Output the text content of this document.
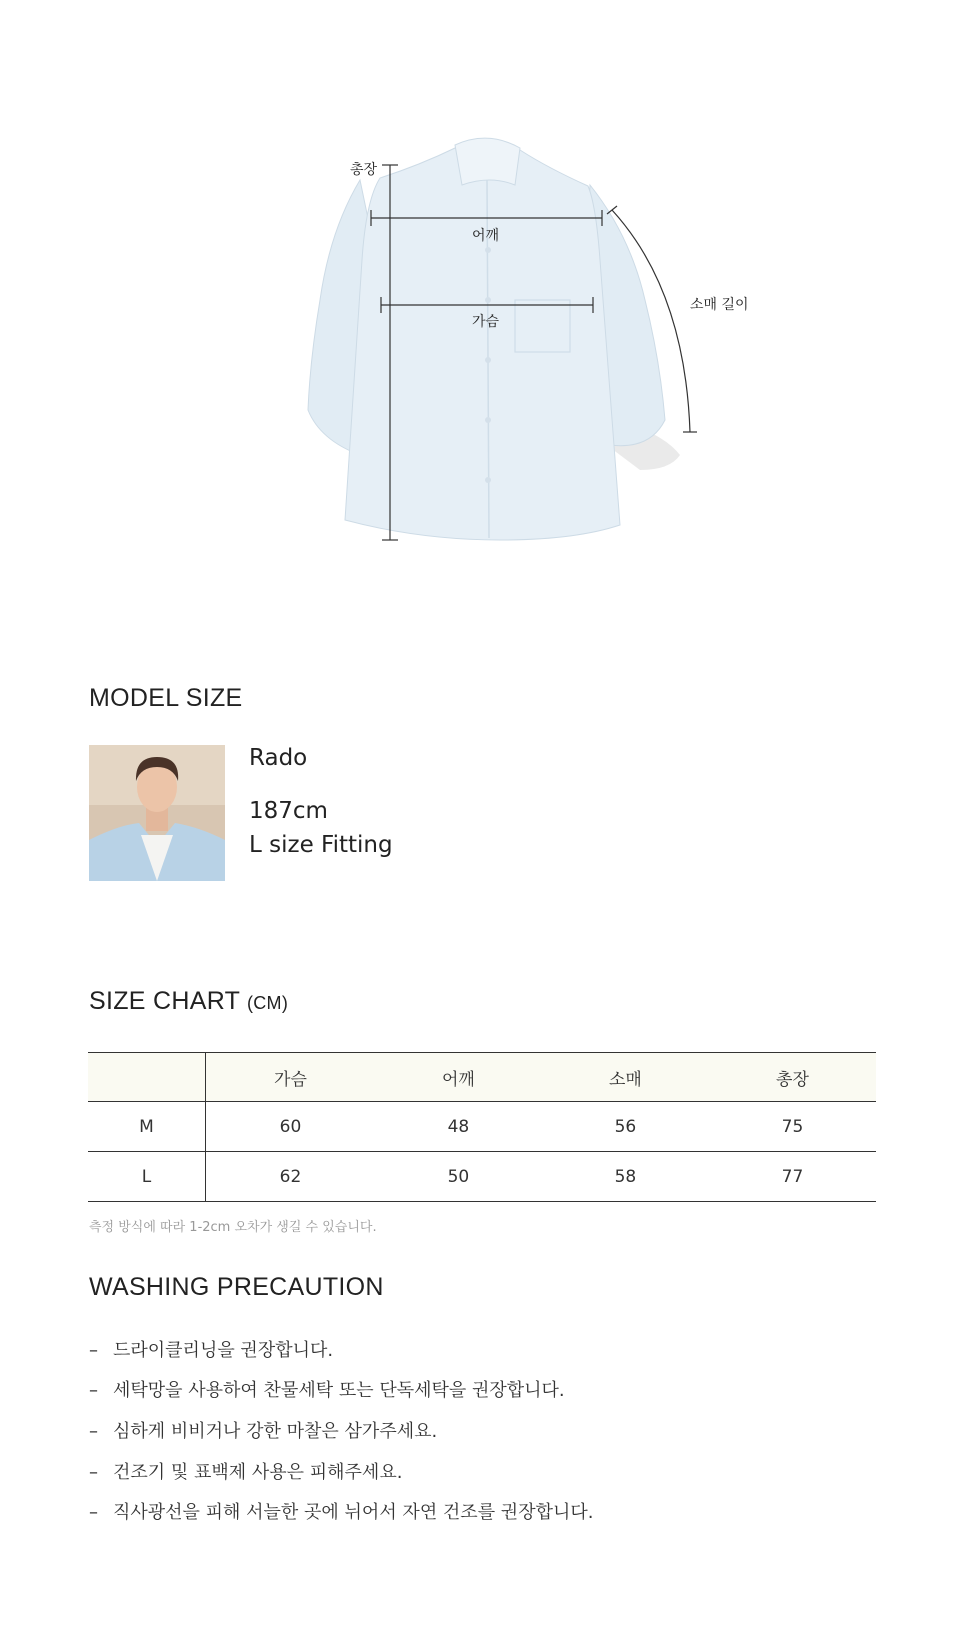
총장
어깨
가슴
소매 길이
MODEL SIZE
Rado
187cm
L size Fitting
SIZE CHART (CM)
	가슴	어깨	소매	총장
M	60	48	56	75
L	62	50	58	77
측정 방식에 따라 1-2cm 오차가 생길 수 있습니다.
WASHING PRECAUTION
– 드라이클리닝을 권장합니다.
– 세탁망을 사용하여 찬물세탁 또는 단독세탁을 권장합니다.
– 심하게 비비거나 강한 마찰은 삼가주세요.
– 건조기 및 표백제 사용은 피해주세요.
– 직사광선을 피해 서늘한 곳에 뉘어서 자연 건조를 권장합니다.
